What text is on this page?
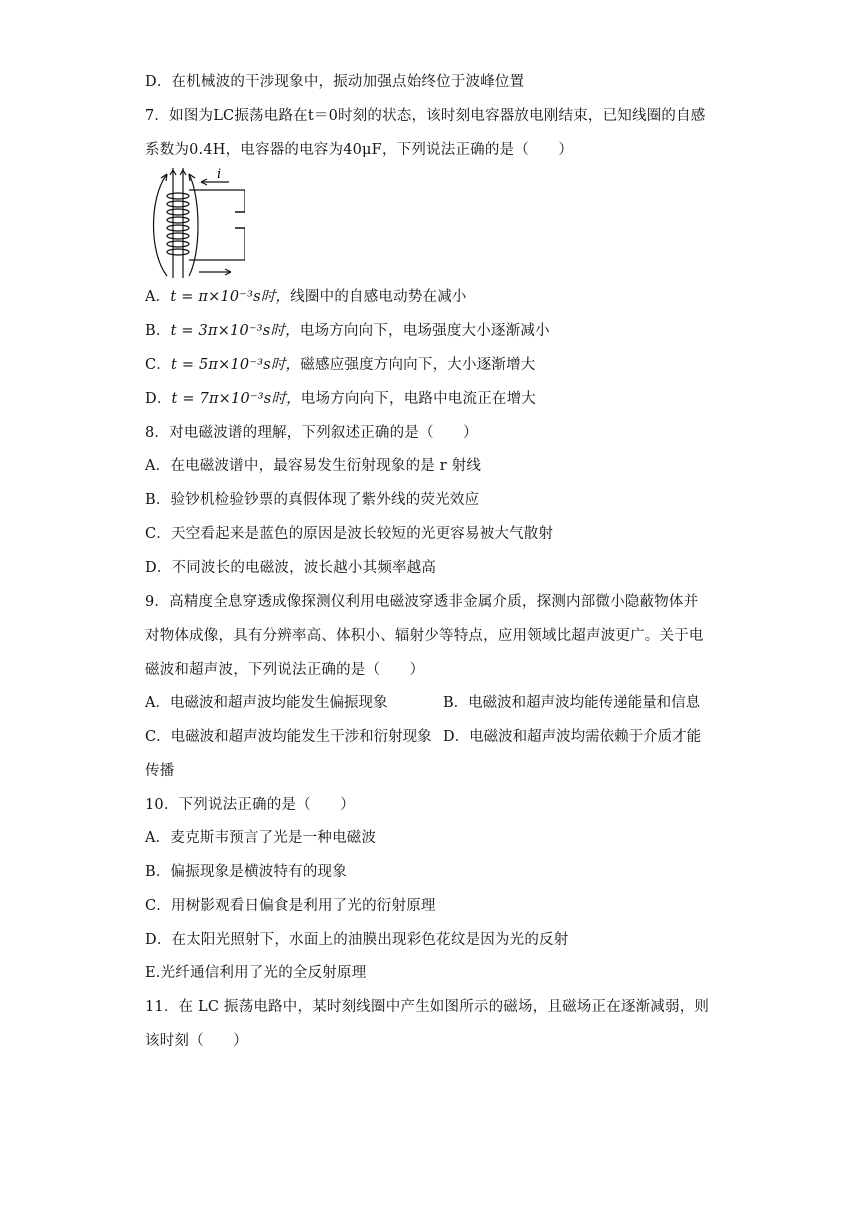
D．在机械波的干涉现象中，振动加强点始终位于波峰位置
7．如图为LC振荡电路在t＝0时刻的状态，该时刻电容器放电刚结束，已知线圈的自感
系数为0.4H，电容器的电容为40μF，下列说法正确的是（　　）
i
A．t = π×10⁻³s时，线圈中的自感电动势在减小
B．t = 3π×10⁻³s时，电场方向向下，电场强度大小逐渐减小
C．t = 5π×10⁻³s时，磁感应强度方向向下，大小逐渐增大
D．t = 7π×10⁻³s时，电场方向向下，电路中电流正在增大
8．对电磁波谱的理解，下列叙述正确的是（　　）
A．在电磁波谱中，最容易发生衍射现象的是 r 射线
B．验钞机检验钞票的真假体现了紫外线的荧光效应
C．天空看起来是蓝色的原因是波长较短的光更容易被大气散射
D．不同波长的电磁波，波长越小其频率越高
9．高精度全息穿透成像探测仪利用电磁波穿透非金属介质，探测内部微小隐蔽物体并
对物体成像，具有分辨率高、体积小、辐射少等特点，应用领域比超声波更广。关于电
磁波和超声波，下列说法正确的是（　　）
A．电磁波和超声波均能发生偏振现象	B．电磁波和超声波均能传递能量和信息
C．电磁波和超声波均能发生干涉和衍射现象 D．电磁波和超声波均需依赖于介质才能
传播
10．下列说法正确的是（　　）
A．麦克斯韦预言了光是一种电磁波
B．偏振现象是横波特有的现象
C．用树影观看日偏食是利用了光的衍射原理
D．在太阳光照射下，水面上的油膜出现彩色花纹是因为光的反射
E.光纤通信利用了光的全反射原理
11．在 LC 振荡电路中，某时刻线圈中产生如图所示的磁场，且磁场正在逐渐减弱，则
该时刻（　　）
